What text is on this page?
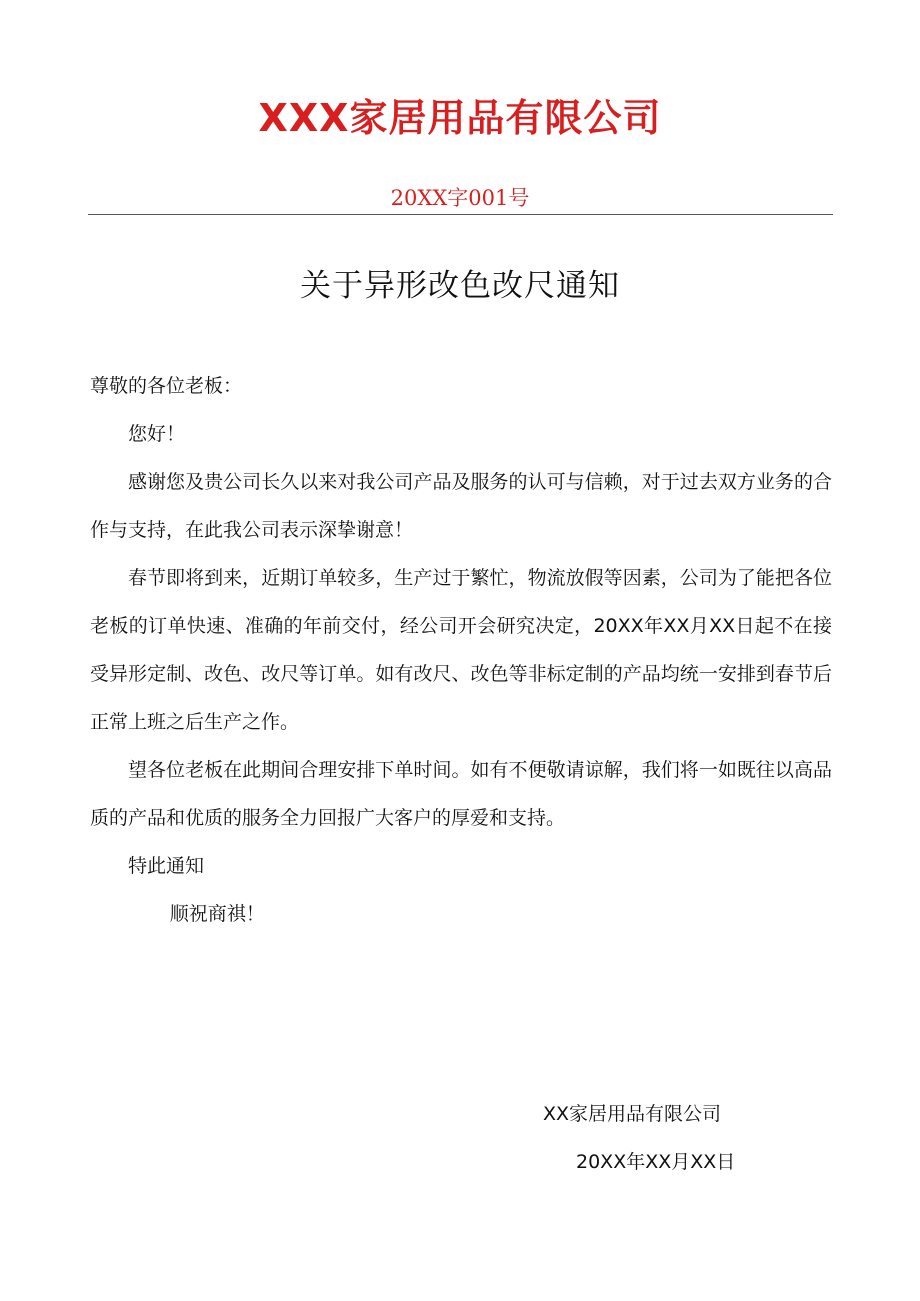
XXX家居用品有限公司
20XX字001号
关于异形改色改尺通知

尊敬的各位老板：

您好！

感谢您及贵公司长久以来对我公司产品及服务的认可与信赖，对于过去双方业务的合作与支持，在此我公司表示深挚谢意！

春节即将到来，近期订单较多，生产过于繁忙，物流放假等因素，公司为了能把各位老板的订单快速、准确的年前交付，经公司开会研究决定，20XX年XX月XX日起不在接受异形定制、改色、改尺等订单。如有改尺、改色等非标定制的产品均统一安排到春节后正常上班之后生产之作。

望各位老板在此期间合理安排下单时间。如有不便敬请谅解，我们将一如既往以高品质的产品和优质的服务全力回报广大客户的厚爱和支持。

特此通知

顺祝商祺！

XX家居用品有限公司
20XX年XX月XX日
